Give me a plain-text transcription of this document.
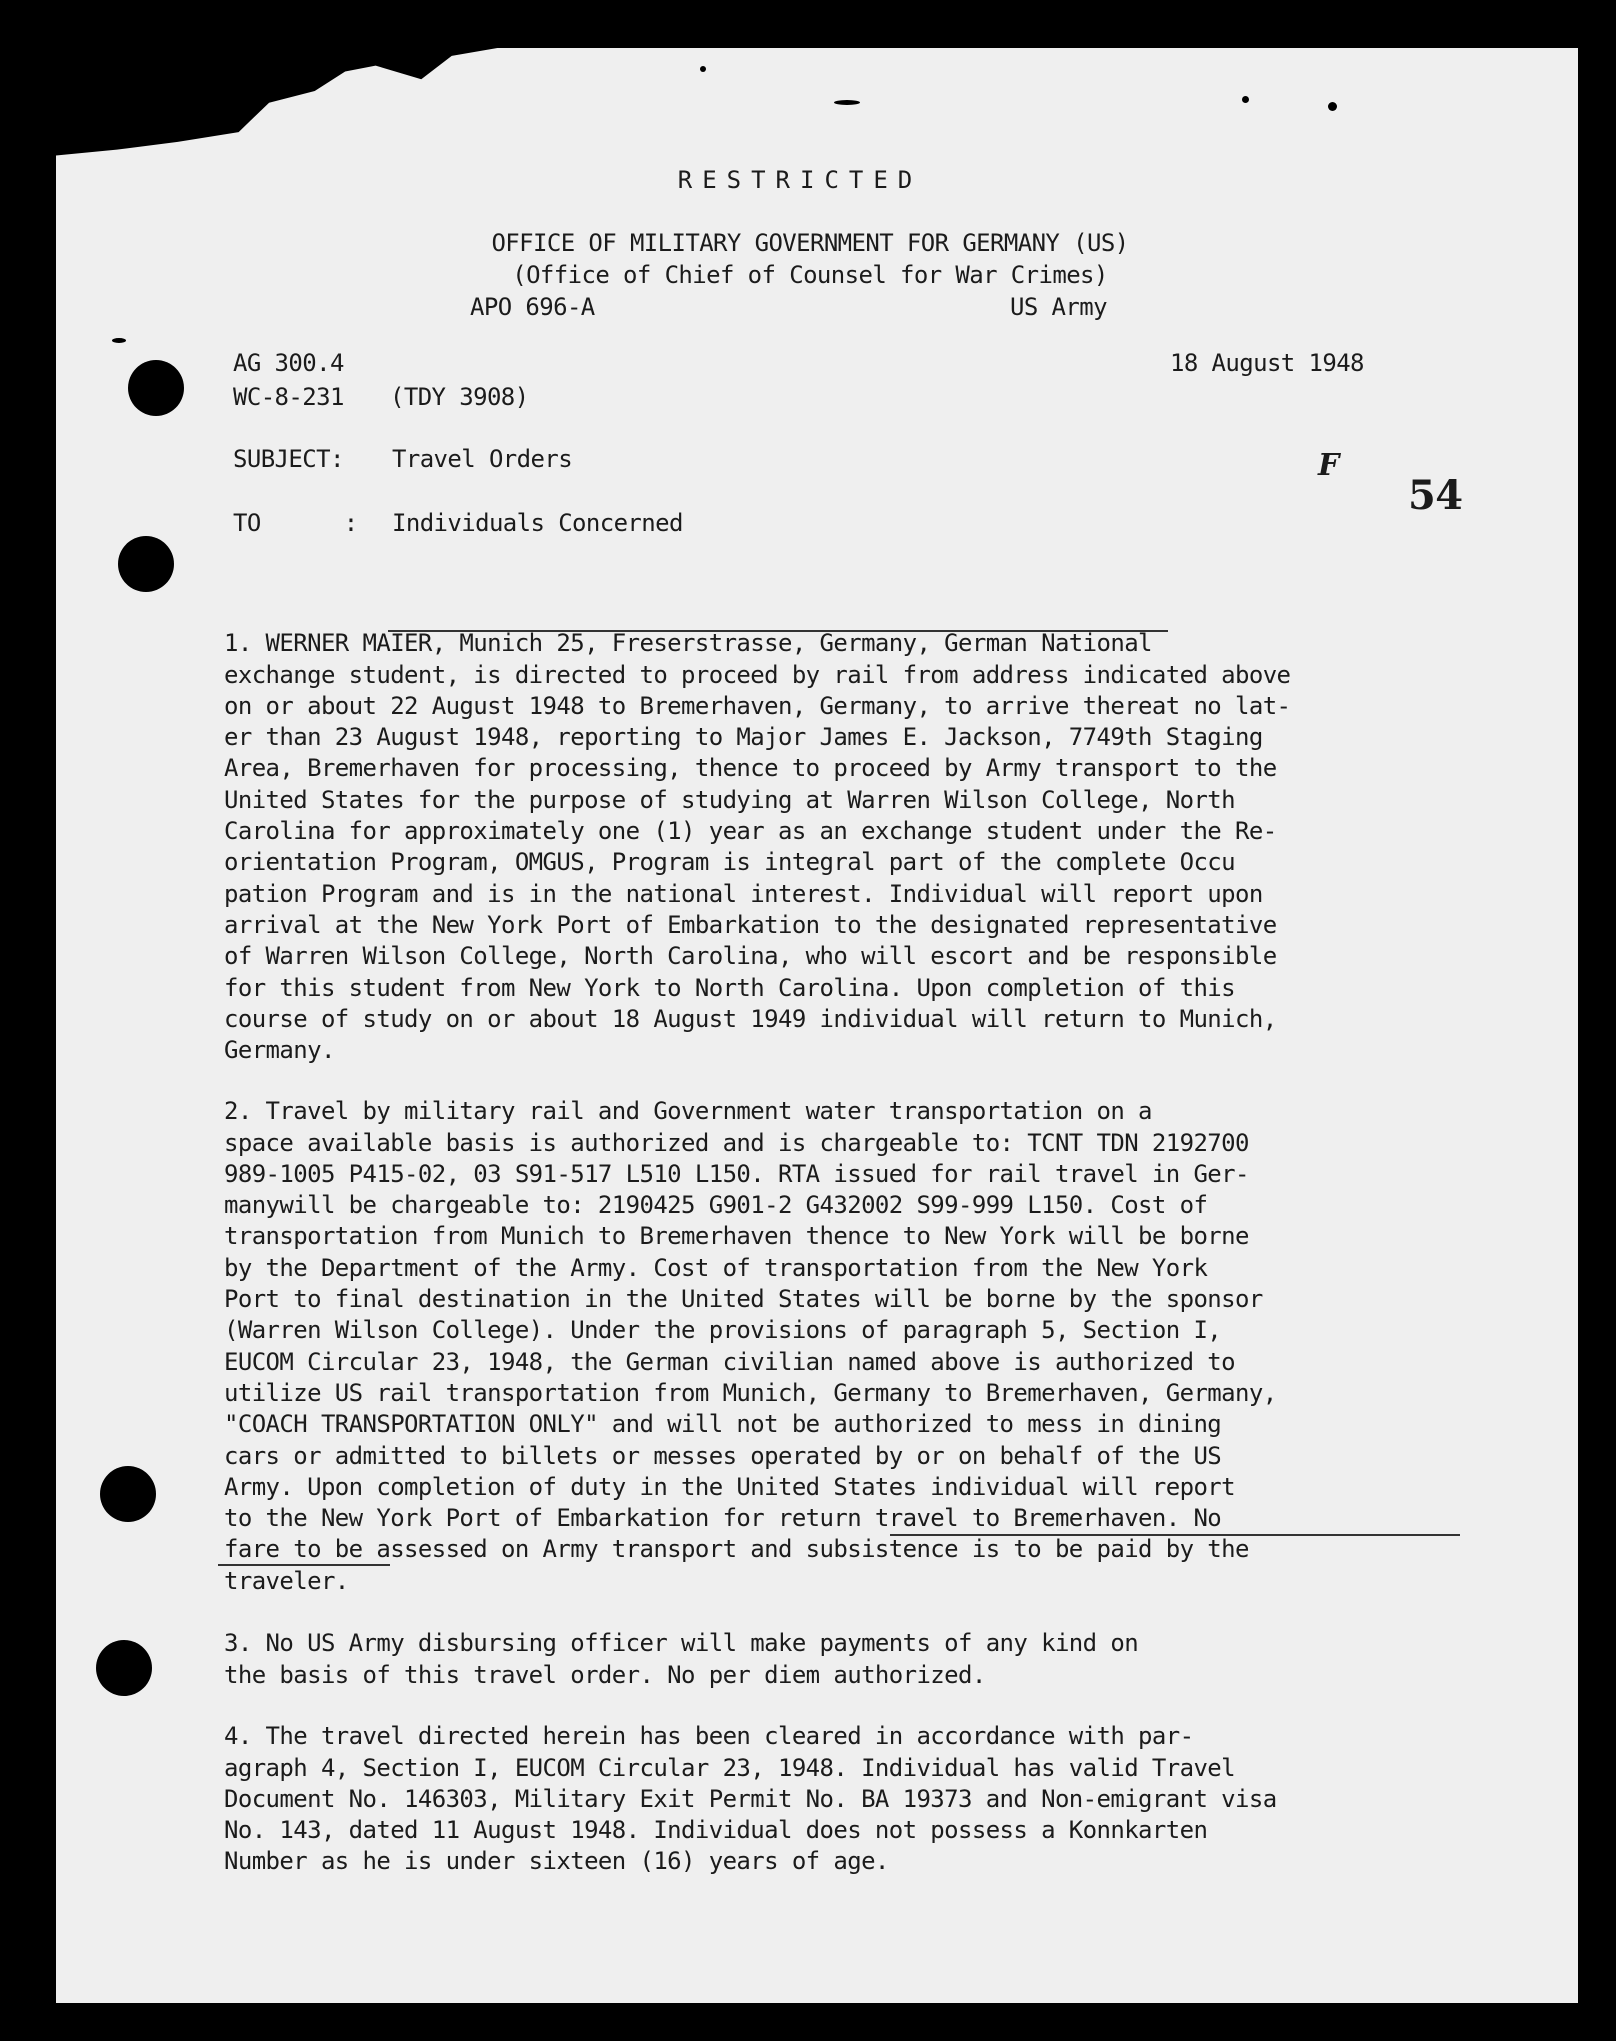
RESTRICTED
OFFICE OF MILITARY GOVERNMENT FOR GERMANY (US)
(Office of Chief of Counsel for War Crimes)
APO 696-A	US Army
AG 300.4	18 August 1948
WC-8-231 (TDY 3908)
SUBJECT: Travel Orders	F
54
TO      : Individuals Concerned

1. WERNER MAIER, Munich 25, Freserstrasse, Germany, German National
exchange student, is directed to proceed by rail from address indicated above
on or about 22 August 1948 to Bremerhaven, Germany, to arrive thereat no lat-
er than 23 August 1948, reporting to Major James E. Jackson, 7749th Staging
Area, Bremerhaven for processing, thence to proceed by Army transport to the
United States for the purpose of studying at Warren Wilson College, North
Carolina for approximately one (1) year as an exchange student under the Re-
orientation Program, OMGUS, Program is integral part of the complete Occu
pation Program and is in the national interest. Individual will report upon
arrival at the New York Port of Embarkation to the designated representative
of Warren Wilson College, North Carolina, who will escort and be responsible
for this student from New York to North Carolina. Upon completion of this
course of study on or about 18 August 1949 individual will return to Munich,
Germany.

2. Travel by military rail and Government water transportation on a
space available basis is authorized and is chargeable to: TCNT TDN 2192700
989-1005 P415-02, 03 S91-517 L510 L150. RTA issued for rail travel in Ger-
manywill be chargeable to: 2190425 G901-2 G432002 S99-999 L150. Cost of
transportation from Munich to Bremerhaven thence to New York will be borne
by the Department of the Army. Cost of transportation from the New York
Port to final destination in the United States will be borne by the sponsor
(Warren Wilson College). Under the provisions of paragraph 5, Section I,
EUCOM Circular 23, 1948, the German civilian named above is authorized to
utilize US rail transportation from Munich, Germany to Bremerhaven, Germany,
"COACH TRANSPORTATION ONLY" and will not be authorized to mess in dining
cars or admitted to billets or messes operated by or on behalf of the US
Army. Upon completion of duty in the United States individual will report
to the New York Port of Embarkation for return travel to Bremerhaven. No
fare to be assessed on Army transport and subsistence is to be paid by the
traveler.

3. No US Army disbursing officer will make payments of any kind on
the basis of this travel order. No per diem authorized.

4. The travel directed herein has been cleared in accordance with par-
agraph 4, Section I, EUCOM Circular 23, 1948. Individual has valid Travel
Document No. 146303, Military Exit Permit No. BA 19373 and Non-emigrant visa
No. 143, dated 11 August 1948. Individual does not possess a Konnkarten
Number as he is under sixteen (16) years of age.
